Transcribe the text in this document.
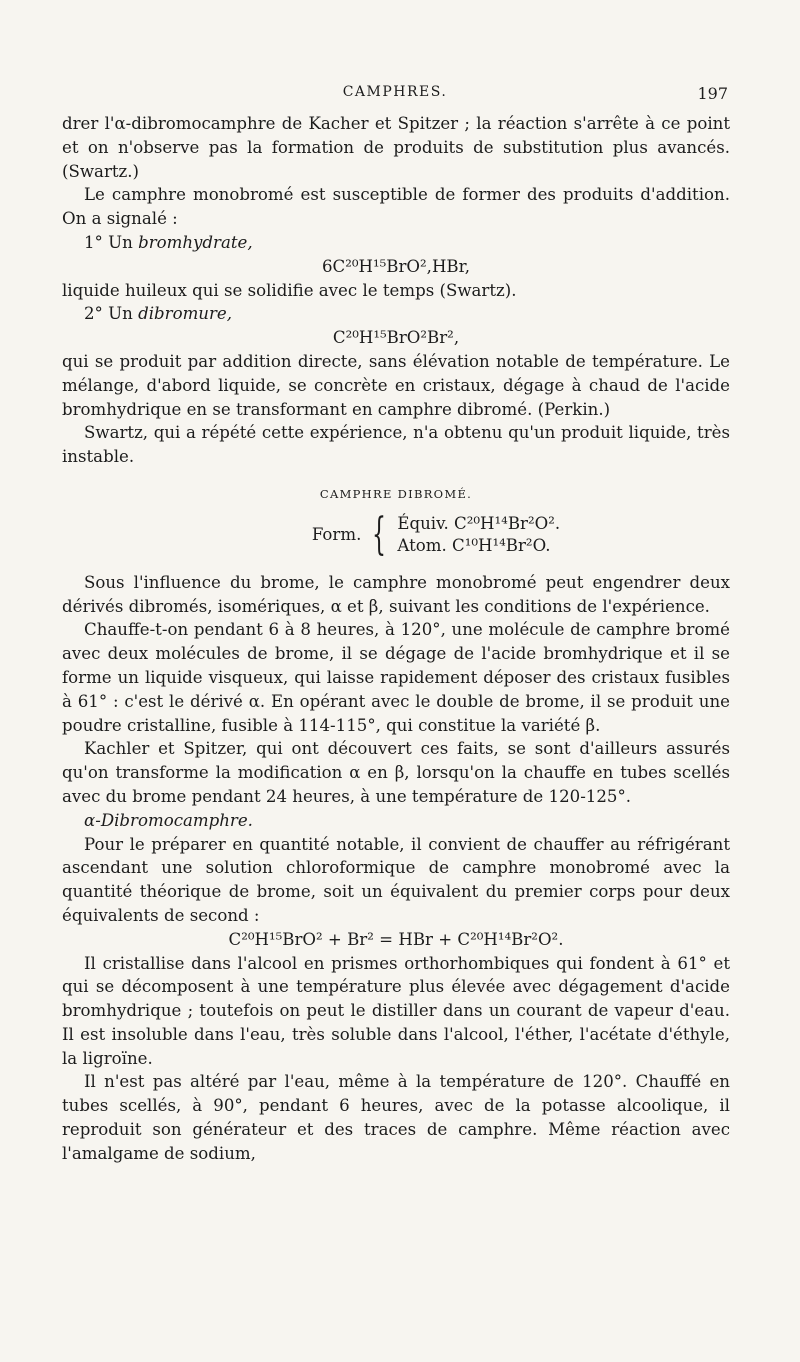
CAMPHRES.	197

drer l'α-dibromocamphre de Kacher et Spitzer ; la réaction s'arrête à ce point et on n'observe pas la formation de produits de substitution plus avancés. (Swartz.)

Le camphre monobromé est susceptible de former des produits d'addition. On a signalé :

1° Un bromhydrate,

6C²⁰H¹⁵BrO²,HBr,

liquide huileux qui se solidifie avec le temps (Swartz).

2° Un dibromure,

C²⁰H¹⁵BrO²Br²,

qui se produit par addition directe, sans élévation notable de température. Le mélange, d'abord liquide, se concrète en cristaux, dégage à chaud de l'acide bromhydrique en se transformant en camphre dibromé. (Perkin.)

Swartz, qui a répété cette expérience, n'a obtenu qu'un produit liquide, très instable.

CAMPHRE DIBROMÉ.
Form. { Équiv. C²⁰H¹⁴Br²O².
Atom. C¹⁰H¹⁴Br²O.

Sous l'influence du brome, le camphre monobromé peut engendrer deux dérivés dibromés, isomériques, α et β, suivant les conditions de l'expérience.

Chauffe-t-on pendant 6 à 8 heures, à 120°, une molécule de camphre bromé avec deux molécules de brome, il se dégage de l'acide bromhydrique et il se forme un liquide visqueux, qui laisse rapidement déposer des cristaux fusibles à 61° : c'est le dérivé α. En opérant avec le double de brome, il se produit une poudre cristalline, fusible à 114-115°, qui constitue la variété β.

Kachler et Spitzer, qui ont découvert ces faits, se sont d'ailleurs assurés qu'on transforme la modification α en β, lorsqu'on la chauffe en tubes scellés avec du brome pendant 24 heures, à une température de 120-125°.

α-Dibromocamphre.

Pour le préparer en quantité notable, il convient de chauffer au réfrigérant ascendant une solution chloroformique de camphre monobromé avec la quantité théorique de brome, soit un équivalent du premier corps pour deux équivalents de second :

C²⁰H¹⁵BrO² + Br² = HBr + C²⁰H¹⁴Br²O².

Il cristallise dans l'alcool en prismes orthorhombiques qui fondent à 61° et qui se décomposent à une température plus élevée avec dégagement d'acide bromhydrique ; toutefois on peut le distiller dans un courant de vapeur d'eau. Il est insoluble dans l'eau, très soluble dans l'alcool, l'éther, l'acétate d'éthyle, la ligroïne.

Il n'est pas altéré par l'eau, même à la température de 120°. Chauffé en tubes scellés, à 90°, pendant 6 heures, avec de la potasse alcoolique, il reproduit son générateur et des traces de camphre. Même réaction avec l'amalgame de sodium,
